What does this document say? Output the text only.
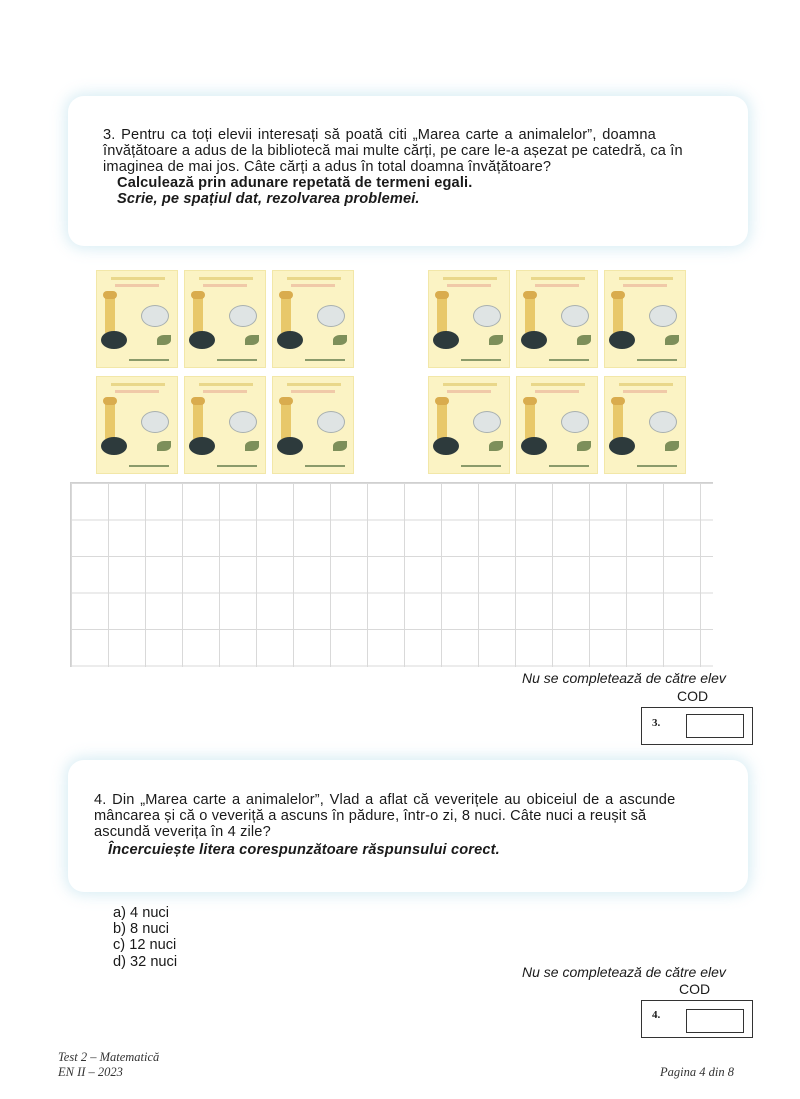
3. Pentru ca toți elevii interesați să poată citi „Marea carte a animalelor”, doamna

învățătoare a adus de la bibliotecă mai multe cărți, pe care le-a așezat pe catedră, ca în

imaginea de mai jos. Câte cărți a adus în total doamna învățătoare?

Calculează prin adunare repetată de termeni egali.

Scrie, pe spațiul dat, rezolvarea problemei.

Nu se completează de către elev
COD
3.

4. Din „Marea carte a animalelor”, Vlad a aflat că veverițele au obiceiul de a ascunde

mâncarea și că o veveriță a ascuns în pădure, într-o zi, 8 nuci. Câte nuci a reușit să

ascundă veverița în 4 zile?

Încercuiește litera corespunzătoare răspunsului corect.

a) 4 nuci
b) 8 nuci
c) 12 nuci
d) 32 nuci
Nu se completează de către elev
COD
4.
Test 2 – Matematică
EN II – 2023	Pagina 4 din 8
